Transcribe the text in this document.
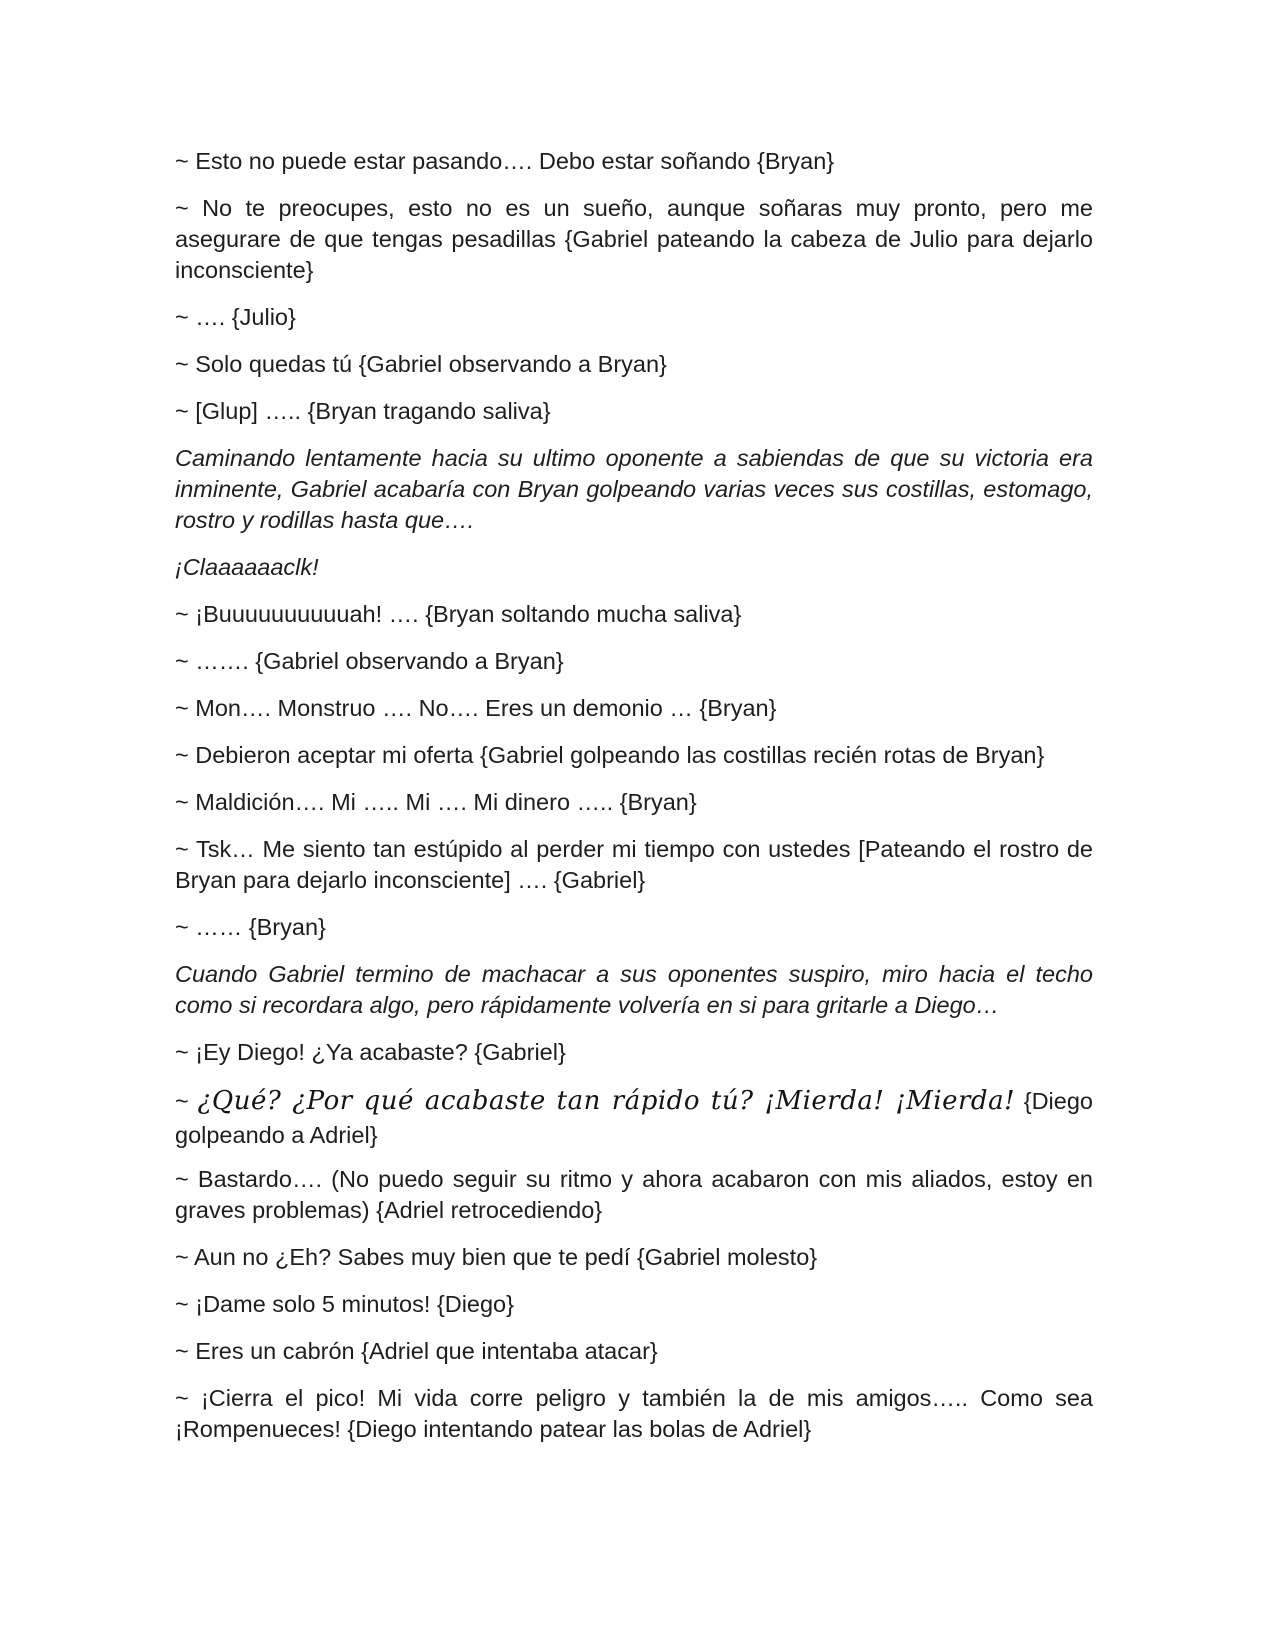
~ Esto no puede estar pasando…. Debo estar soñando {Bryan}

~ No te preocupes, esto no es un sueño, aunque soñaras muy pronto, pero me asegurare de que tengas pesadillas {Gabriel pateando la cabeza de Julio para dejarlo inconsciente}

~ …. {Julio}

~ Solo quedas tú {Gabriel observando a Bryan}

~ [Glup] ….. {Bryan tragando saliva}

Caminando lentamente hacia su ultimo oponente a sabiendas de que su victoria era inminente, Gabriel acabaría con Bryan golpeando varias veces sus costillas, estomago, rostro y rodillas hasta que….

¡Claaaaaaclk!

~ ¡Buuuuuuuuuuah! …. {Bryan soltando mucha saliva}

~ ……. {Gabriel observando a Bryan}

~ Mon…. Monstruo …. No…. Eres un demonio … {Bryan}

~ Debieron aceptar mi oferta {Gabriel golpeando las costillas recién rotas de Bryan}

~ Maldición…. Mi ….. Mi …. Mi dinero ….. {Bryan}

~ Tsk… Me siento tan estúpido al perder mi tiempo con ustedes [Pateando el rostro de Bryan para dejarlo inconsciente] …. {Gabriel}

~ …… {Bryan}

Cuando Gabriel termino de machacar a sus oponentes suspiro, miro hacia el techo como si recordara algo, pero rápidamente volvería en si para gritarle a Diego…

~ ¡Ey Diego! ¿Ya acabaste? {Gabriel}

~ ¿Qué? ¿Por qué acabaste tan rápido tú? ¡Mierda! ¡Mierda! {Diego golpeando a Adriel}

~ Bastardo…. (No puedo seguir su ritmo y ahora acabaron con mis aliados, estoy en graves problemas) {Adriel retrocediendo}

~ Aun no ¿Eh? Sabes muy bien que te pedí {Gabriel molesto}

~ ¡Dame solo 5 minutos! {Diego}

~ Eres un cabrón {Adriel que intentaba atacar}

~ ¡Cierra el pico! Mi vida corre peligro y también la de mis amigos….. Como sea ¡Rompenueces! {Diego intentando patear las bolas de Adriel}
